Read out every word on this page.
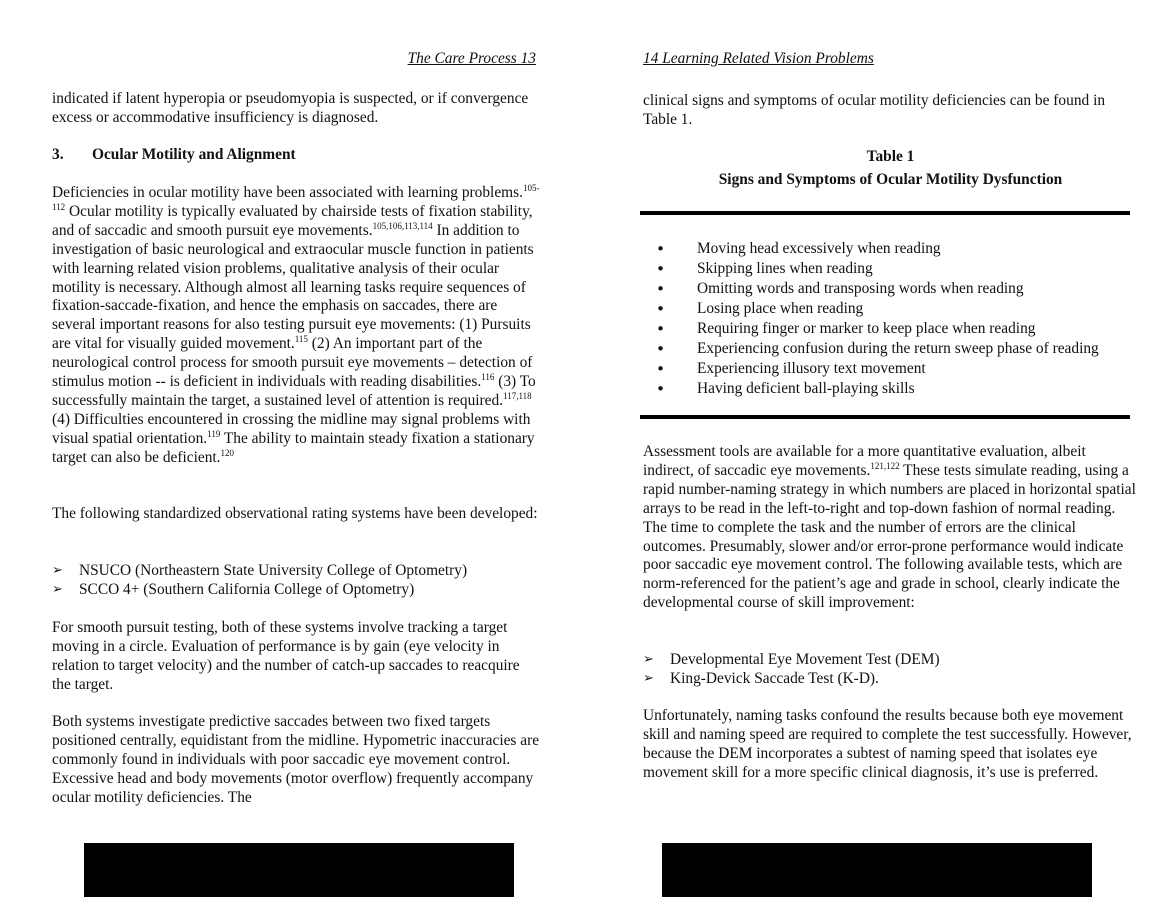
The Care Process 13

indicated if latent hyperopia or pseudomyopia is suspected, or if convergence excess or accommodative insufficiency is diagnosed.

3. Ocular Motility and Alignment

Deficiencies in ocular motility have been associated with learning problems.$^{105-112}$ Ocular motility is typically evaluated by chairside tests of fixation stability, and of saccadic and smooth pursuit eye movements.$^{105,106,113,114}$ In addition to investigation of basic neurological and extraocular muscle function in patients with learning related vision problems, qualitative analysis of their ocular motility is necessary. Although almost all learning tasks require sequences of fixation-saccade-fixation, and hence the emphasis on saccades, there are several important reasons for also testing pursuit eye movements: (1) Pursuits are vital for visually guided movement.$^{115}$ (2) An important part of the neurological control process for smooth pursuit eye movements – detection of stimulus motion -- is deficient in individuals with reading disabilities.$^{116}$ (3) To successfully maintain the target, a sustained level of attention is required.$^{117,118}$ (4) Difficulties encountered in crossing the midline may signal problems with visual spatial orientation.$^{119}$ The ability to maintain steady fixation a stationary target can also be deficient.$^{120}$

The following standardized observational rating systems have been developed:

➢ NSUCO (Northeastern State University College of Optometry)
➢ SCCO 4+ (Southern California College of Optometry)

For smooth pursuit testing, both of these systems involve tracking a target moving in a circle. Evaluation of performance is by gain (eye velocity in relation to target velocity) and the number of catch-up saccades to reacquire the target.

Both systems investigate predictive saccades between two fixed targets positioned centrally, equidistant from the midline. Hypometric inaccuracies are commonly found in individuals with poor saccadic eye movement control. Excessive head and body movements (motor overflow) frequently accompany ocular motility deficiencies. The

14 Learning Related Vision Problems

clinical signs and symptoms of ocular motility deficiencies can be found in Table 1.

Table 1
Signs and Symptoms of Ocular Motility Dysfunction
• Moving head excessively when reading
• Skipping lines when reading
• Omitting words and transposing words when reading
• Losing place when reading
• Requiring finger or marker to keep place when reading
• Experiencing confusion during the return sweep phase of reading
• Experiencing illusory text movement
• Having deficient ball-playing skills

Assessment tools are available for a more quantitative evaluation, albeit indirect, of saccadic eye movements.$^{121,122}$ These tests simulate reading, using a rapid number-naming strategy in which numbers are placed in horizontal spatial arrays to be read in the left-to-right and top-down fashion of normal reading. The time to complete the task and the number of errors are the clinical outcomes. Presumably, slower and/or error-prone performance would indicate poor saccadic eye movement control. The following available tests, which are norm-referenced for the patient’s age and grade in school, clearly indicate the developmental course of skill improvement:

➢ Developmental Eye Movement Test (DEM)
➢ King-Devick Saccade Test (K-D).

Unfortunately, naming tasks confound the results because both eye movement skill and naming speed are required to complete the test successfully. However, because the DEM incorporates a subtest of naming speed that isolates eye movement skill for a more specific clinical diagnosis, it’s use is preferred.
